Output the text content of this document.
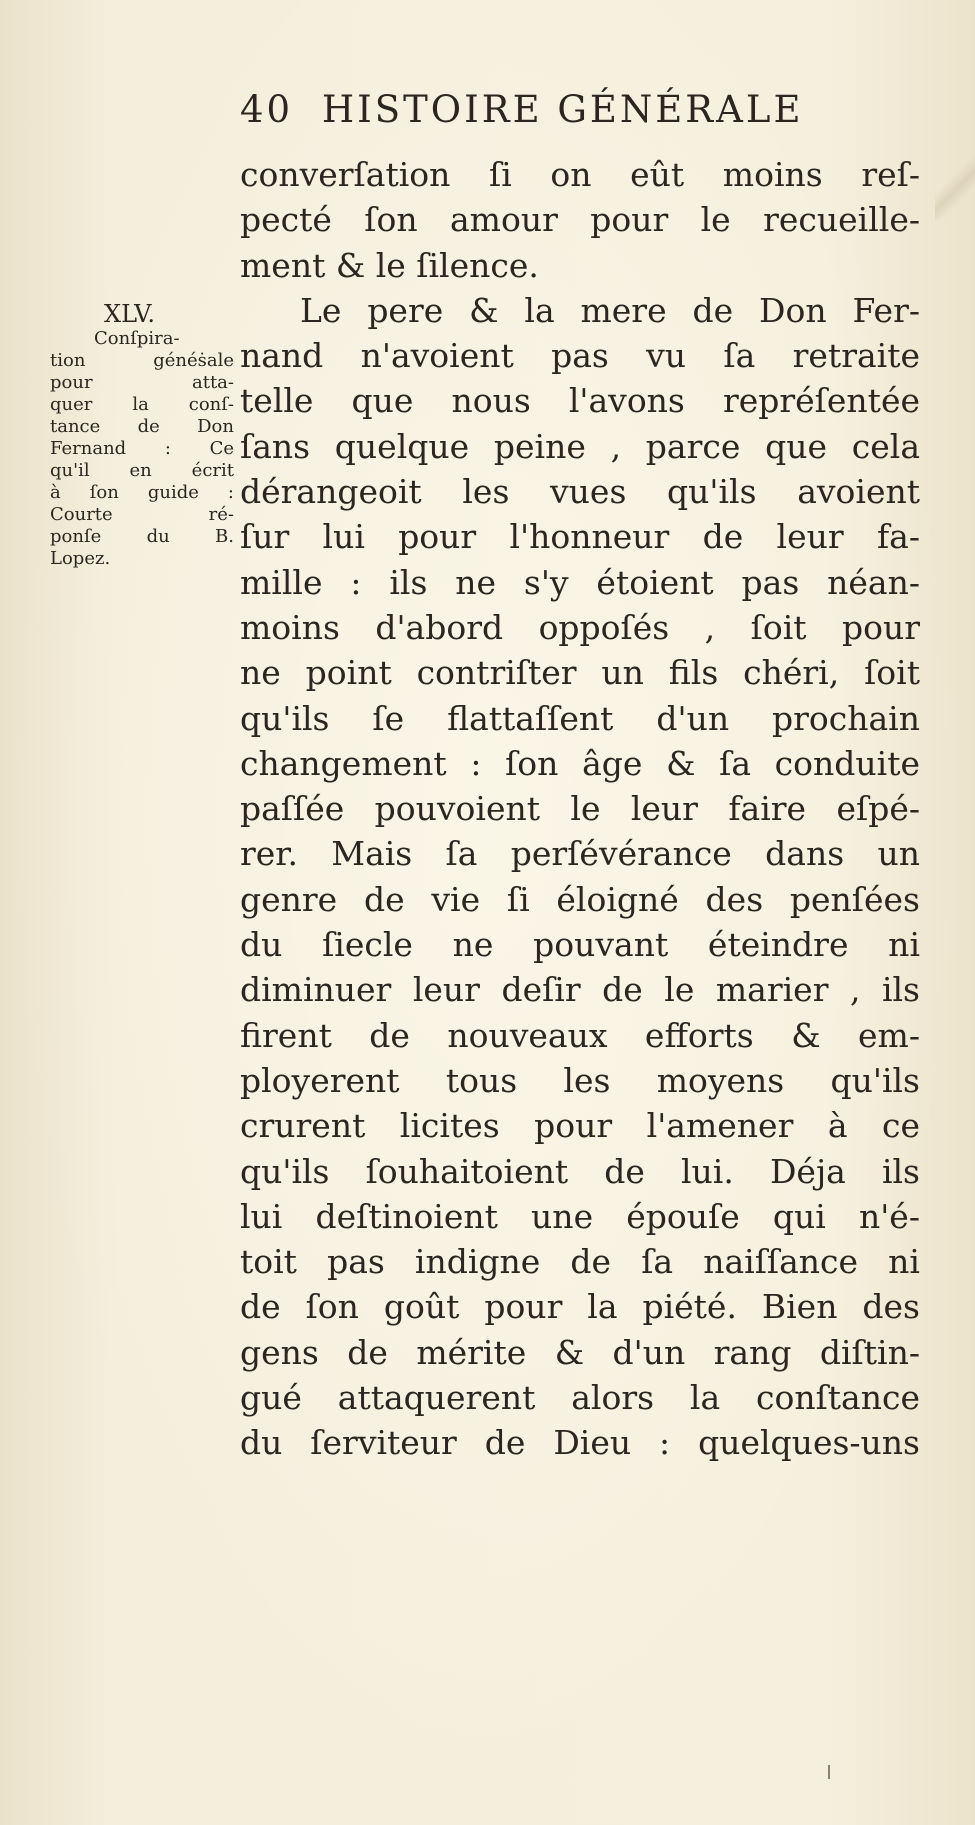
40 HISTOIRE GÉNÉRALE
XLV.
Conſpira-
tion généṡale
pour atta-
quer la conſ-
tance de Don
Fernand : Ce
qu'il en écrit
à ſon guide :
Courte ré-
ponſe du B.
Lopez.
converſation ſi on eût moins reſ-
pecté ſon amour pour le recueille-
ment & le ſilence.
Le pere & la mere de Don Fer-
nand n'avoient pas vu ſa retraite
telle que nous l'avons repréſentée
ſans quelque peine , parce que cela
dérangeoit les vues qu'ils avoient
ſur lui pour l'honneur de leur fa-
mille : ils ne s'y étoient pas néan-
moins d'abord oppoſés , ſoit pour
ne point contriſter un fils chéri, ſoit
qu'ils ſe flattaſſent d'un prochain
changement : ſon âge & ſa conduite
paſſée pouvoient le leur faire eſpé-
rer. Mais ſa perſévérance dans un
genre de vie ſi éloigné des penſées
du ſiecle ne pouvant éteindre ni
diminuer leur deſir de le marier , ils
firent de nouveaux efforts & em-
ployerent tous les moyens qu'ils
crurent licites pour l'amener à ce
qu'ils ſouhaitoient de lui. Déja ils
lui deſtinoient une épouſe qui n'é-
toit pas indigne de ſa naiſſance ni
de ſon goût pour la piété. Bien des
gens de mérite & d'un rang diſtin-
gué attaquerent alors la conſtance
du ſerviteur de Dieu : quelques-uns
